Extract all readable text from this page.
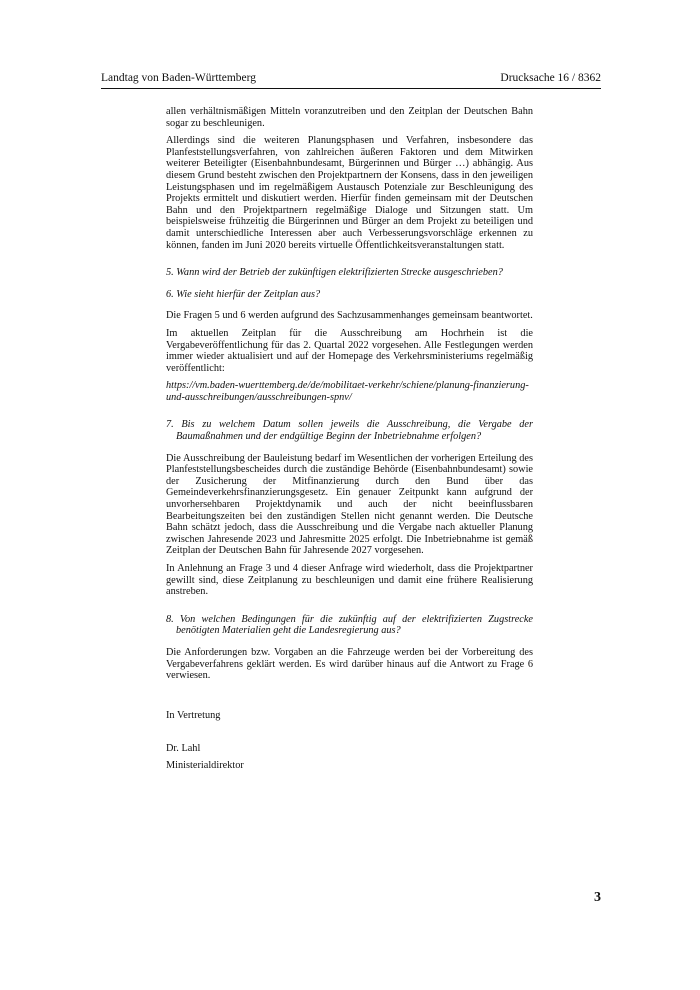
Landtag von Baden-Württemberg	Drucksache 16 / 8362

allen verhältnismäßigen Mitteln voranzutreiben und den Zeitplan der Deutschen Bahn sogar zu beschleunigen.

Allerdings sind die weiteren Planungsphasen und Verfahren, insbesondere das Planfeststellungsverfahren, von zahlreichen äußeren Faktoren und dem Mitwirken weiterer Beteiligter (Eisenbahnbundesamt, Bürgerinnen und Bürger …) abhängig. Aus diesem Grund besteht zwischen den Projektpartnern der Konsens, dass in den jeweiligen Leistungsphasen und im regelmäßigem Austausch Potenziale zur Beschleunigung des Projekts ermittelt und diskutiert werden. Hierfür finden gemeinsam mit der Deutschen Bahn und den Projektpartnern regelmäßige Dialoge und Sitzungen statt. Um beispielsweise frühzeitig die Bürgerinnen und Bürger an dem Projekt zu beteiligen und damit unterschiedliche Interessen aber auch Verbesserungsvorschläge erkennen zu können, fanden im Juni 2020 bereits virtuelle Öffentlichkeitsveranstaltungen statt.

5. Wann wird der Betrieb der zukünftigen elektrifizierten Strecke ausgeschrieben?

6. Wie sieht hierfür der Zeitplan aus?

Die Fragen 5 und 6 werden aufgrund des Sachzusammenhanges gemeinsam beantwortet.

Im aktuellen Zeitplan für die Ausschreibung am Hochrhein ist die Vergabeveröffentlichung für das 2. Quartal 2022 vorgesehen. Alle Festlegungen werden immer wieder aktualisiert und auf der Homepage des Verkehrsministeriums regelmäßig veröffentlicht:

https://vm.baden-wuerttemberg.de/de/mobilitaet-verkehr/schiene/planung-finanzierung-und-ausschreibungen/ausschreibungen-spnv/

7. Bis zu welchem Datum sollen jeweils die Ausschreibung, die Vergabe der Baumaßnahmen und der endgültige Beginn der Inbetriebnahme erfolgen?

Die Ausschreibung der Bauleistung bedarf im Wesentlichen der vorherigen Erteilung des Planfeststellungsbescheides durch die zuständige Behörde (Eisenbahnbundesamt) sowie der Zusicherung der Mitfinanzierung durch den Bund über das Gemeindeverkehrsfinanzierungsgesetz. Ein genauer Zeitpunkt kann aufgrund der unvorhersehbaren Projektdynamik und auch der nicht beeinflussbaren Bearbeitungszeiten bei den zuständigen Stellen nicht genannt werden. Die Deutsche Bahn schätzt jedoch, dass die Ausschreibung und die Vergabe nach aktueller Planung zwischen Jahresende 2023 und Jahresmitte 2025 erfolgt. Die Inbetriebnahme ist gemäß Zeitplan der Deutschen Bahn für Jahresende 2027 vorgesehen.

In Anlehnung an Frage 3 und 4 dieser Anfrage wird wiederholt, dass die Projektpartner gewillt sind, diese Zeitplanung zu beschleunigen und damit eine frühere Realisierung anstreben.

8. Von welchen Bedingungen für die zukünftig auf der elektrifizierten Zugstrecke benötigten Materialien geht die Landesregierung aus?

Die Anforderungen bzw. Vorgaben an die Fahrzeuge werden bei der Vorbereitung des Vergabeverfahrens geklärt werden. Es wird darüber hinaus auf die Antwort zu Frage 6 verwiesen.

In Vertretung

Dr. Lahl

Ministerialdirektor

3
